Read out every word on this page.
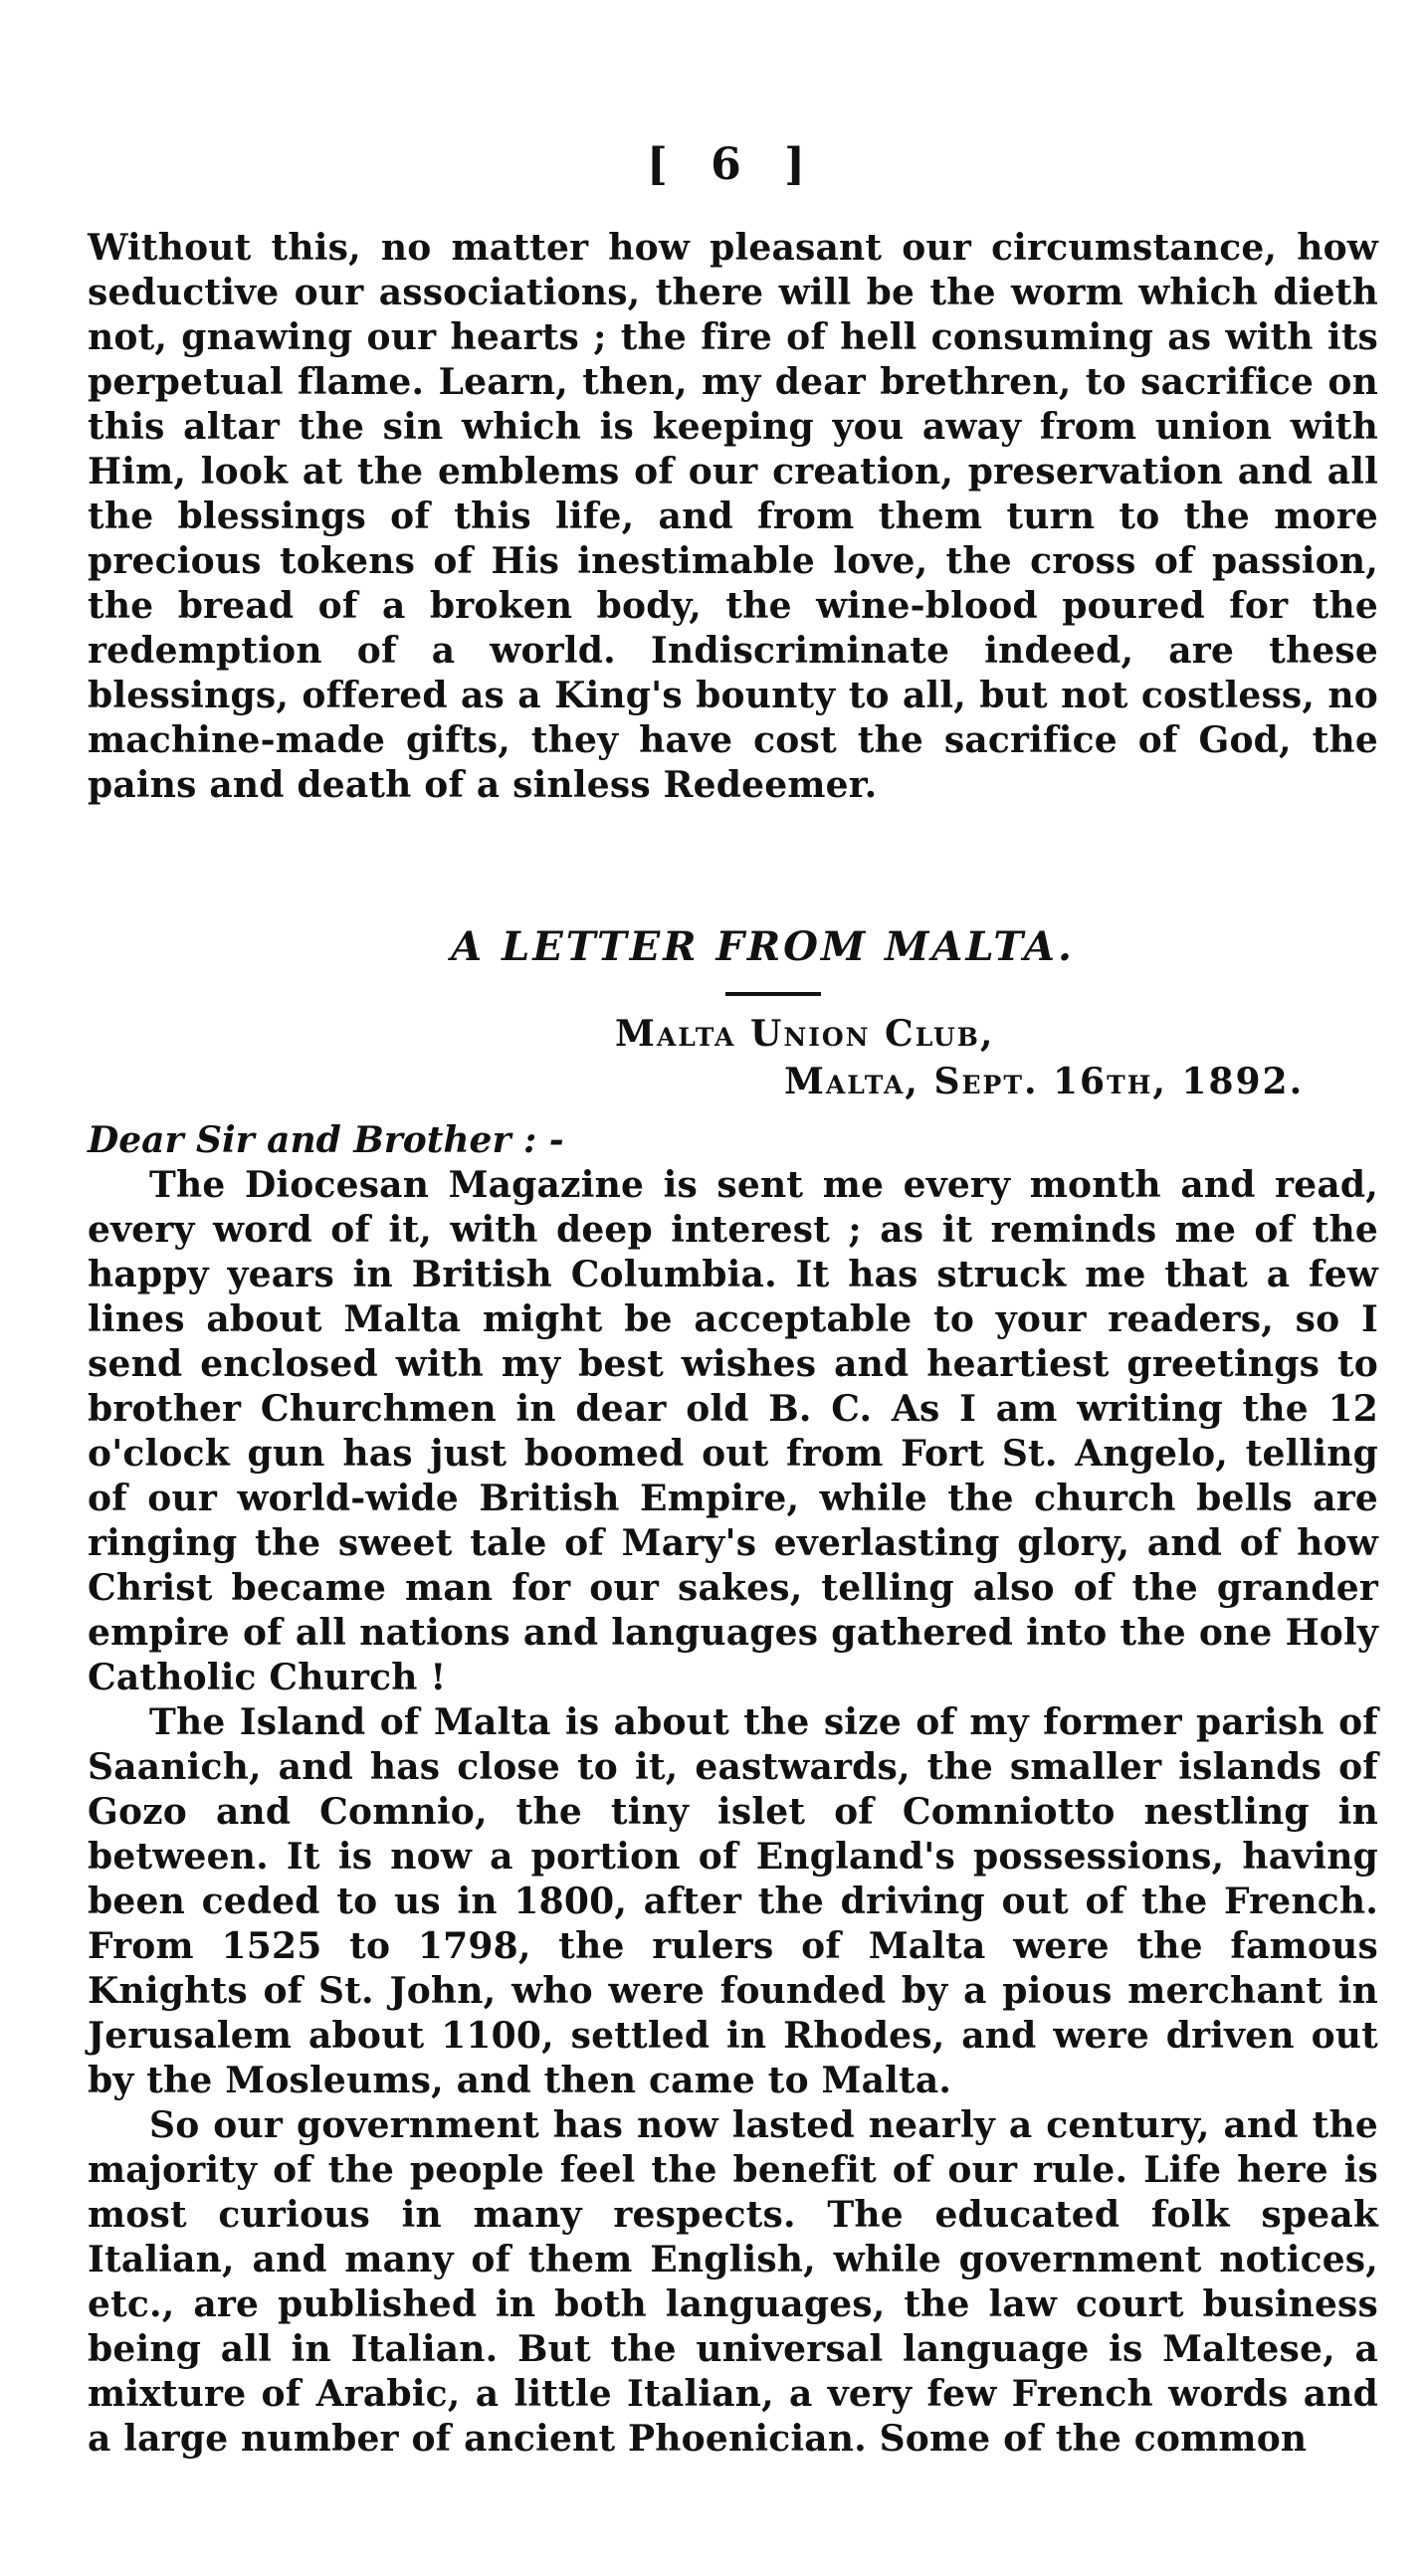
[ 6 ]

Without this, no matter how pleasant our circumstance, how seductive our associations, there will be the worm which dieth not, gnawing our hearts ; the fire of hell consuming as with its perpetual flame. Learn, then, my dear brethren, to sacrifice on this altar the sin which is keeping you away from union with Him, look at the emblems of our creation, preservation and all the blessings of this life, and from them turn to the more precious tokens of His inestimable love, the cross of passion, the bread of a broken body, the wine-blood poured for the redemption of a world. Indiscriminate indeed, are these blessings, offered as a King's bounty to all, but not costless, no machine-made gifts, they have cost the sacrifice of God, the pains and death of a sinless Redeemer.

A LETTER FROM MALTA.
Malta Union Club,
Malta, Sept. 16th, 1892.
Dear Sir and Brother : -

The Diocesan Magazine is sent me every month and read, every word of it, with deep interest ; as it reminds me of the happy years in British Columbia. It has struck me that a few lines about Malta might be acceptable to your readers, so I send enclosed with my best wishes and heartiest greetings to brother Churchmen in dear old B. C. As I am writing the 12 o'clock gun has just boomed out from Fort St. Angelo, telling of our world-wide British Empire, while the church bells are ringing the sweet tale of Mary's everlasting glory, and of how Christ became man for our sakes, telling also of the grander empire of all nations and languages gathered into the one Holy Catholic Church !

The Island of Malta is about the size of my former parish of Saanich, and has close to it, eastwards, the smaller islands of Gozo and Comnio, the tiny islet of Comniotto nestling in between. It is now a portion of England's possessions, having been ceded to us in 1800, after the driving out of the French. From 1525 to 1798, the rulers of Malta were the famous Knights of St. John, who were founded by a pious merchant in Jerusalem about 1100, settled in Rhodes, and were driven out by the Mosleums, and then came to Malta.

So our government has now lasted nearly a century, and the majority of the people feel the benefit of our rule. Life here is most curious in many respects. The educated folk speak Italian, and many of them English, while government notices, etc., are published in both languages, the law court business being all in Italian. But the universal language is Maltese, a mixture of Arabic, a little Italian, a very few French words and a large number of ancient Phoenician. Some of the common
